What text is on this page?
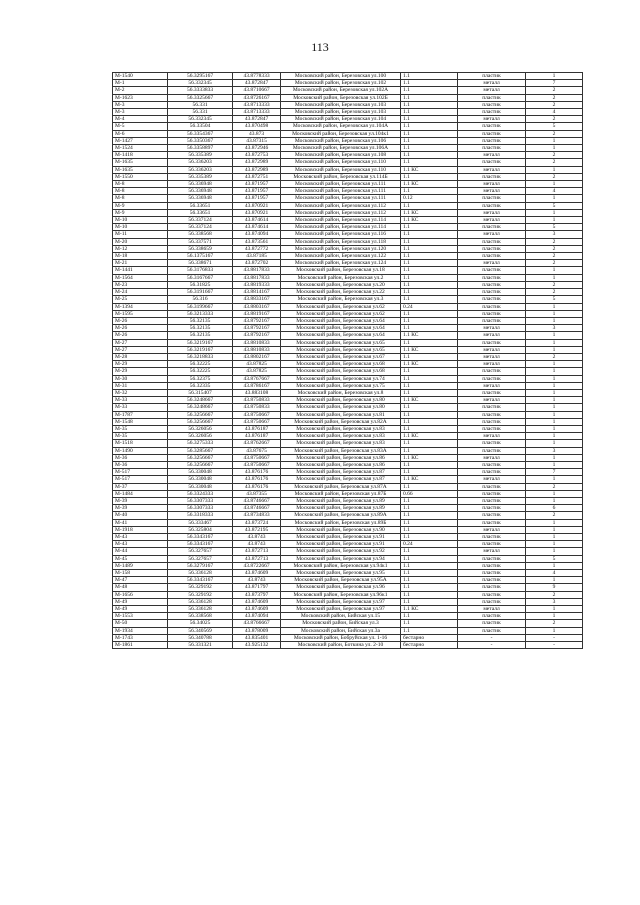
113
М-1540	56.3295167	43.8778333	Московский район, Березовская ул.100	1.1	пластик	1
М-1	56.332345	43.872847	Московский район, Березовская ул.102	1.1	металл	7
М-2	56.3333833	43.8710667	Московский район, Березовская ул.102А	1.1	металл	2
М-1623	56.3325667	43.8726167	Московский район, Березовская ул.102Б	1.1	пластик	2
М-3	56.331	43.8713333	Московский район, Березовская ул.103	1.1	пластик	2
М-3	56.331	43.8713333	Московский район, Березовская ул.103	1.1	пластик	4
М-4	56.332345	43.872847	Московский район, Березовская ул.104	1.1	металл	2
М-5	56.33504	43.870498	Московский район, Березовская ул.104А	1.1	пластик	5
М-6	56.3354367	43.873	Московский район, Березовская ул.104к1	1.1	пластик	2
М-1427	56.3350367	43.87315	Московский район, Березовская ул.106	1.1	пластик	1
М-1524	56.3358897	43.872946	Московский район, Березовская ул.106А	1.1	пластик	1
М-1418	56.335389	43.872753	Московский район, Березовская ул.108	1.1	металл	2
М-1635	56.336203	43.872989	Московский район, Березовская ул.110	1.1	пластик	2
М-1635	56.336203	43.872989	Московский район, Березовская ул.110	1.1 КС	металл	1
М-1550	56.335389	43.872751	Московский район, Березовская ул.114Б	1.1	пластик	2
М-8	56.336948	43.871957	Московский район, Березовская ул.111	1.1 КС	металл	1
М-8	56.336948	43.871957	Московский район, Березовская ул.111	1.1	металл	4
М-8	56.336948	43.871957	Московский район, Березовская ул.111	0.12	пластик	1
М-9	56.33651	43.870921	Московский район, Березовская ул.112	1.1	пластик	5
М-9	56.33651	43.870921	Московский район, Березовская ул.112	1.1 КС	металл	1
М-10	56.337124	43.874614	Московский район, Березовская ул.114	1.1 КС	металл	1
М-10	56.337124	43.874614	Московский район, Березовская ул.114	1.1	пластик	5
М-11	56.338568	43.874094	Московский район, Березовская ул.116	1.1	металл	3
М-20	56.337571	43.873561	Московский район, Березовская ул.118	1.1	пластик	2
М-12	56.338659	43.872772	Московский район, Березовская ул.120	1.1	пластик	2
М-18	56.1375167	43.87185	Московский район, Березовская ул.122	1.1	пластик	2
М-21	56.338671	43.872702	Московский район, Березовская ул.124	1.1	металл	2
М-1441	56.3176833	43.8817833	Московский район, Березовская ул.18	1.1	пластик	1
М-1564	56.3167667	43.8817833	Московский район, Березовская ул.2	1.1	пластик	1
М-23	56.31825	43.8819333	Московский район, Березовская ул.20	1.1	пластик	2
М-24	56.3191667	43.8814167	Московский район, Березовская ул.22	1.1	пластик	2
М-25	56.316	43.8833167	Московский район, Березовская ул.3	1.1	пластик	5
М-1394	56.3199667	43.8803167	Московский район, Березовская ул.62	0.24	пластик	1
М-1595	56.3213333	43.8819167	Московский район, Березовская ул.62	1.1	пластик	1
М-26	56.32135	43.8792167	Московский район, Березовская ул.64	1.1	пластик	1
М-26	56.32135	43.8792167	Московский район, Березовская ул.64	1.1	металл	3
М-26	56.32135	43.8792167	Московский район, Березовская ул.64	1.1 КС	металл	1
М-27	56.3219167	43.8810833	Московский район, Березовская ул.65	1.1	пластик	1
М-27	56.3219167	43.8810833	Московский район, Березовская ул.65	1.1 КС	металл	1
М-28	56.3218833	43.8802167	Московский район, Березовская ул.67	1.1	металл	2
М-29	56.32225	43.87825	Московский район, Березовская ул.68	1.1 КС	металл	1
М-29	56.32225	43.87825	Московский район, Березовская ул.68	1.1	пластик	1
М-30	56.32375	43.8767667	Московский район, Березовская ул.74	1.1	пластик	1
М-31	56.32335	43.8786167	Московский район, Березовская ул.75	1.1	металл	1
М-32	56.315407	43.883108	Московский район, Березовская ул.8	1.1	пластик	1
М-33	56.3248667	43.8750833	Московский район, Березовская ул.80	1.1 КС	металл	1
М-33	56.3248667	43.8750833	Московский район, Березовская ул.80	1.1	пластик	1
М-1787	56.3256667	43.8750667	Московский район, Березовская ул.81	1.1	пластик	1
М-1548	56.3256667	43.8750667	Московский район, Березовская ул.82А	1.1	пластик	1
М-35	56.326056	43.876187	Московский район, Березовская ул.83	1.1	пластик	1
М-35	56.326056	43.876187	Московский район, Березовская ул.83	1.1 КС	металл	1
М-1518	56.3275333	43.8762667	Московский район, Березовская ул.83	1.1	пластик	1
М-1490	56.3285667	43.87675	Московский район, Березовская ул.83А	1.1	пластик	3
М-36	56.3256667	43.8750667	Московский район, Березовская ул.86	1.1 КС	металл	1
М-36	56.3256667	43.8750667	Московский район, Березовская ул.86	1.1	пластик	1
М-517	56.330048	43.876176	Московский район, Березовская ул.87	1.1	пластик	7
М-517	56.330048	43.876176	Московский район, Березовская ул.87	1.1 КС	металл	1
М-37	56.330048	43.876176	Московский район, Березовская ул.87А	1.1	пластик	2
М-1484	56.3324333	43.87355	Московский район, Березовская ул.87Б	0.66	пластик	1
М-39	56.3307333	43.8746667	Московский район, Березовская ул.89	1.1	пластик	1
М-39	56.3307333	43.8746667	Московский район, Березовская ул.89	1.1	пластик	6
М-40	56.3318333	43.8734833	Московский район, Березовская ул.89А	1.1	пластик	2
М-41	56.333467	43.873724	Московский район, Березовская ул.89Б	1.1	пластик	1
М-1918	56.325804	43.872195	Московский район, Березовская ул.90	1.1	металл	1
М-43	56.3343167	43.8743	Московский район, Березовская ул.91	1.1	пластик	1
М-43	56.3343167	43.8743	Московский район, Березовская ул.91	0.24	пластик	1
М-44	56.327657	43.872713	Московский район, Березовская ул.92	1.1	металл	1
М-45	56.327657	43.872713	Московский район, Березовская ул.94	1.1	пластик	5
М-1489	56.3279167	43.8722667	Московский район, Березовская ул.94к1	1.1	пластик	1
М-158	56.336128	43.874609	Московский район, Березовская ул.95	1.1	пластик	4
М-47	56.3343167	43.8743	Московский район, Березовская ул.95А	1.1	пластик	1
М-48	56.329192	43.871797	Московский район, Березовская ул.96	1.1	пластик	9
М-1656	56.329192	43.873797	Московский район, Березовская ул.96к1	1.1	пластик	2
М-49	56.336128	43.874609	Московский район, Березовская ул.97	1.1	пластик	3
М-49	56.336128	43.874609	Московский район, Березовская ул.97	1.1 КС	металл	1
М-1553	56.338568	43.874094	Московский район, Бийская ул.15	1.1	пластик	1
М-50	56.34025	43.8766667	Московский район, Бийская ул.3	1.1	пластик	2
М-1934	56.340569	43.878009	Московский район, Бийская ул.3а	1.1	пластик	1
М-1743	56.340788	43.835401	Московский район, Бобруйская ул. 1-16	бестарно	-	-
М-1861	56.331321	43.925132	Московский район, Боткина ул. 2-10	бестарно	-	-
